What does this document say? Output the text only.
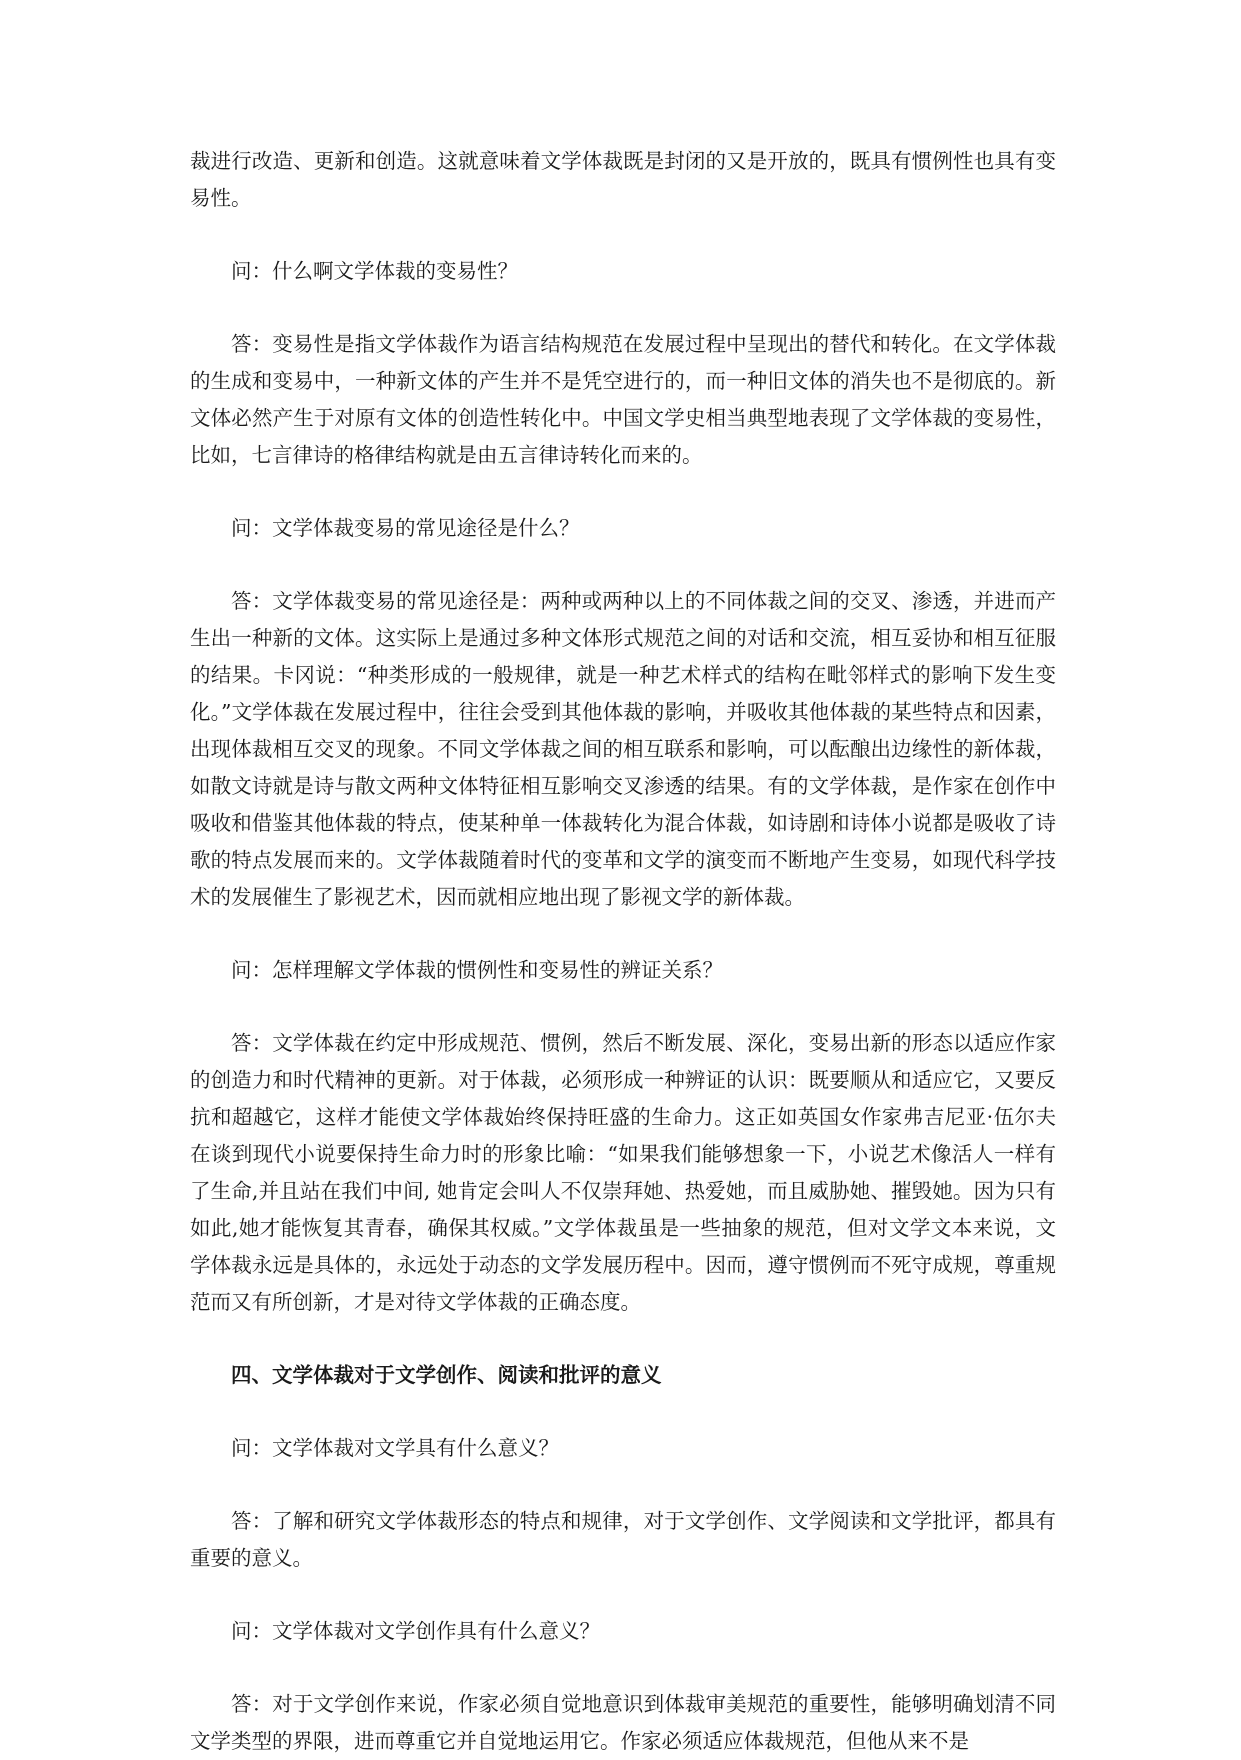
裁进行改造、更新和创造。这就意味着文学体裁既是封闭的又是开放的，既具有惯例性也具有变易性。

问：什么啊文学体裁的变易性？

答：变易性是指文学体裁作为语言结构规范在发展过程中呈现出的替代和转化。在文学体裁的生成和变易中，一种新文体的产生并不是凭空进行的，而一种旧文体的消失也不是彻底的。新文体必然产生于对原有文体的创造性转化中。中国文学史相当典型地表现了文学体裁的变易性，比如，七言律诗的格律结构就是由五言律诗转化而来的。

问：文学体裁变易的常见途径是什么？

答：文学体裁变易的常见途径是：两种或两种以上的不同体裁之间的交叉、渗透，并进而产生出一种新的文体。这实际上是通过多种文体形式规范之间的对话和交流，相互妥协和相互征服的结果。卡冈说：“种类形成的一般规律，就是一种艺术样式的结构在毗邻样式的影响下发生变化。”文学体裁在发展过程中，往往会受到其他体裁的影响，并吸收其他体裁的某些特点和因素，出现体裁相互交叉的现象。不同文学体裁之间的相互联系和影响，可以酝酿出边缘性的新体裁，如散文诗就是诗与散文两种文体特征相互影响交叉渗透的结果。有的文学体裁，是作家在创作中吸收和借鉴其他体裁的特点，使某种单一体裁转化为混合体裁，如诗剧和诗体小说都是吸收了诗歌的特点发展而来的。文学体裁随着时代的变革和文学的演变而不断地产生变易，如现代科学技术的发展催生了影视艺术，因而就相应地出现了影视文学的新体裁。

问：怎样理解文学体裁的惯例性和变易性的辨证关系？

答：文学体裁在约定中形成规范、惯例，然后不断发展、深化，变易出新的形态以适应作家的创造力和时代精神的更新。对于体裁，必须形成一种辨证的认识：既要顺从和适应它，又要反抗和超越它，这样才能使文学体裁始终保持旺盛的生命力。这正如英国女作家弗吉尼亚·伍尔夫在谈到现代小说要保持生命力时的形象比喻：“如果我们能够想象一下，小说艺术像活人一样有了生命,并且站在我们中间, 她肯定会叫人不仅崇拜她、热爱她，而且威胁她、摧毁她。因为只有如此,她才能恢复其青春，确保其权威。”文学体裁虽是一些抽象的规范，但对文学文本来说，文学体裁永远是具体的，永远处于动态的文学发展历程中。因而，遵守惯例而不死守成规，尊重规范而又有所创新，才是对待文学体裁的正确态度。

四、文学体裁对于文学创作、阅读和批评的意义

问：文学体裁对文学具有什么意义？

答：了解和研究文学体裁形态的特点和规律，对于文学创作、文学阅读和文学批评，都具有重要的意义。

问：文学体裁对文学创作具有什么意义？

答：对于文学创作来说，作家必须自觉地意识到体裁审美规范的重要性，能够明确划清不同文学类型的界限，进而尊重它并自觉地运用它。作家必须适应体裁规范，但他从来不是
